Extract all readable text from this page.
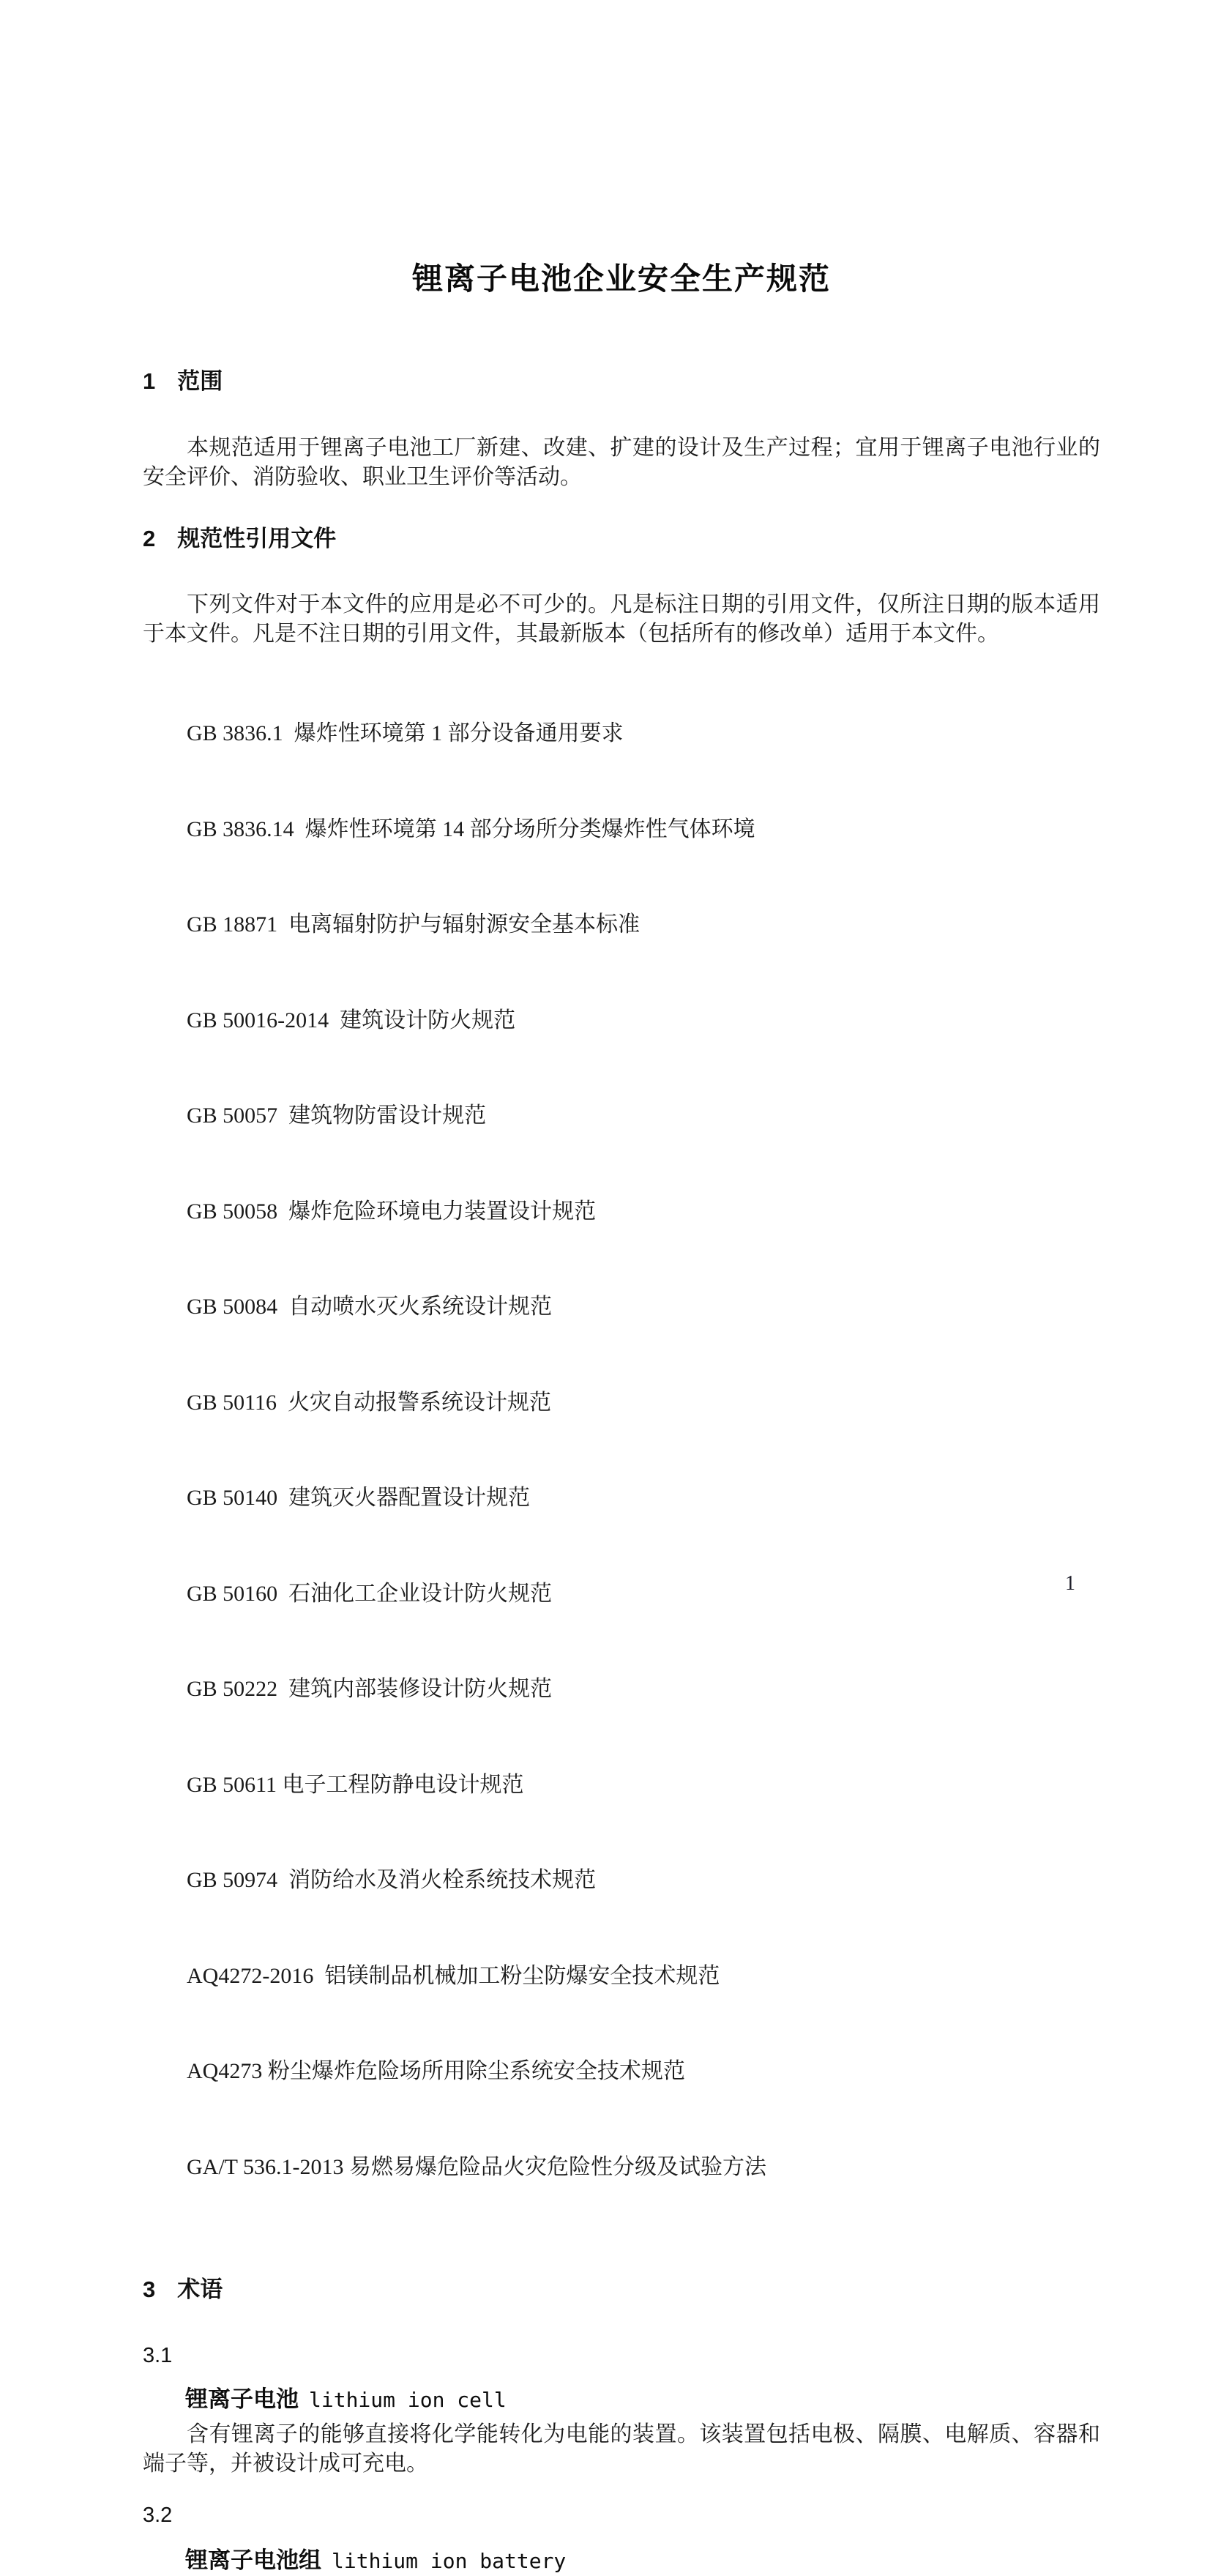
锂离子电池企业安全生产规范
1 范围

本规范适用于锂离子电池工厂新建、改建、扩建的设计及生产过程；宜用于锂离子电池行业的安全评价、消防验收、职业卫生评价等活动。

2 规范性引用文件

下列文件对于本文件的应用是必不可少的。凡是标注日期的引用文件，仅所注日期的版本适用于本文件。凡是不注日期的引用文件，其最新版本（包括所有的修改单）适用于本文件。

GB 3836.1  爆炸性环境第 1 部分设备通用要求

GB 3836.14  爆炸性环境第 14 部分场所分类爆炸性气体环境

GB 18871  电离辐射防护与辐射源安全基本标准

GB 50016-2014  建筑设计防火规范

GB 50057  建筑物防雷设计规范

GB 50058  爆炸危险环境电力装置设计规范

GB 50084  自动喷水灭火系统设计规范

GB 50116  火灾自动报警系统设计规范

GB 50140  建筑灭火器配置设计规范

GB 50160  石油化工企业设计防火规范

GB 50222  建筑内部装修设计防火规范

GB 50611 电子工程防静电设计规范

GB 50974  消防给水及消火栓系统技术规范

AQ4272-2016  铝镁制品机械加工粉尘防爆安全技术规范

AQ4273 粉尘爆炸危险场所用除尘系统安全技术规范

GA/T 536.1-2013 易燃易爆危险品火灾危险性分级及试验方法

3 术语
3.1
锂离子电池 lithium ion cell

含有锂离子的能够直接将化学能转化为电能的装置。该装置包括电极、隔膜、电解质、容器和端子等，并被设计成可充电。

3.2
锂离子电池组 lithium ion battery
1
